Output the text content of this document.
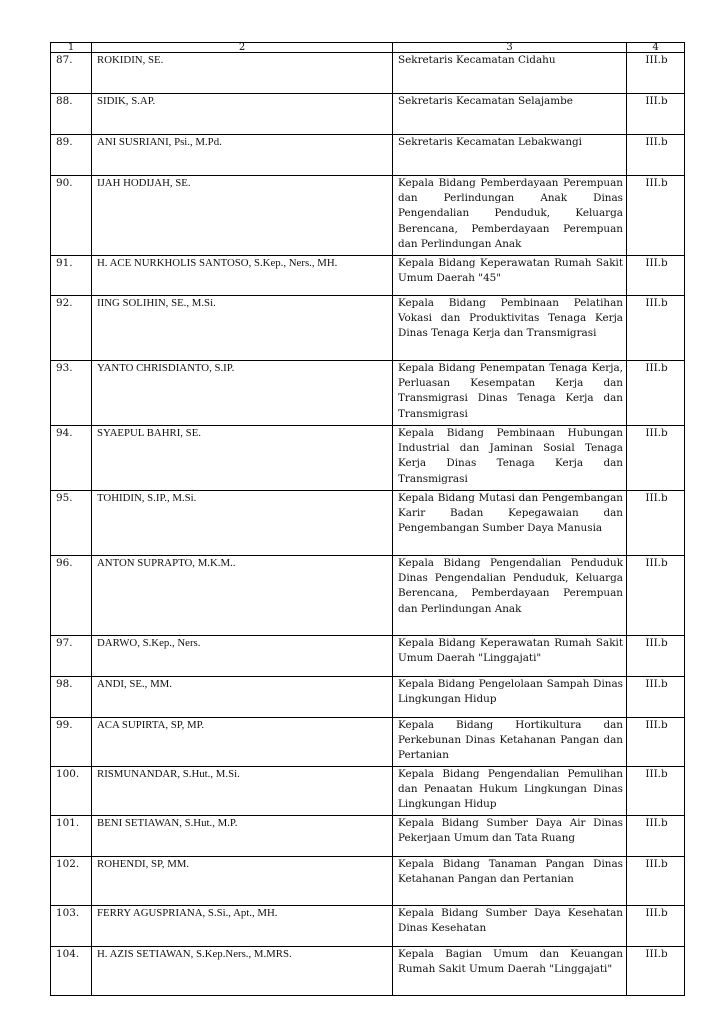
1	2	3	4
87.	ROKIDIN, SE.	Sekretaris Kecamatan Cidahu	III.b
88.	SIDIK, S.AP.	Sekretaris Kecamatan Selajambe	III.b
89.	ANI SUSRIANI, Psi., M.Pd.	Sekretaris Kecamatan Lebakwangi	III.b
90.	IJAH HODIJAH, SE.	Kepala Bidang Pemberdayaan Perempuan dan Perlindungan Anak Dinas Pengendalian Penduduk, Keluarga Berencana, Pemberdayaan Perempuan dan Perlindungan Anak	III.b
91.	H. ACE NURKHOLIS SANTOSO, S.Kep., Ners., MH.	Kepala Bidang Keperawatan Rumah Sakit Umum Daerah "45"	III.b
92.	IING SOLIHIN, SE., M.Si.	Kepala Bidang Pembinaan Pelatihan Vokasi dan Produktivitas Tenaga Kerja Dinas Tenaga Kerja dan Transmigrasi	III.b
93.	YANTO CHRISDIANTO, S.IP.	Kepala Bidang Penempatan Tenaga Kerja, Perluasan Kesempatan Kerja dan Transmigrasi Dinas Tenaga Kerja dan Transmigrasi	III.b
94.	SYAEPUL BAHRI, SE.	Kepala Bidang Pembinaan Hubungan Industrial dan Jaminan Sosial Tenaga Kerja Dinas Tenaga Kerja dan Transmigrasi	III.b
95.	TOHIDIN, S.IP., M.Si.	Kepala Bidang Mutasi dan Pengembangan Karir Badan Kepegawaian dan Pengembangan Sumber Daya Manusia	III.b
96.	ANTON SUPRAPTO, M.K.M..	Kepala Bidang Pengendalian Penduduk Dinas Pengendalian Penduduk, Keluarga Berencana, Pemberdayaan Perempuan dan Perlindungan Anak	III.b
97.	DARWO, S.Kep., Ners.	Kepala Bidang Keperawatan Rumah Sakit Umum Daerah "Linggajati"	III.b
98.	ANDI, SE., MM.	Kepala Bidang Pengelolaan Sampah Dinas Lingkungan Hidup	III.b
99.	ACA SUPIRTA, SP, MP.	Kepala Bidang Hortikultura dan Perkebunan Dinas Ketahanan Pangan dan Pertanian	III.b
100.	RISMUNANDAR, S.Hut., M.Si.	Kepala Bidang Pengendalian Pemulihan dan Penaatan Hukum Lingkungan Dinas Lingkungan Hidup	III.b
101.	BENI SETIAWAN, S.Hut., M.P.	Kepala Bidang Sumber Daya Air Dinas Pekerjaan Umum dan Tata Ruang	III.b
102.	ROHENDI, SP, MM.	Kepala Bidang Tanaman Pangan Dinas Ketahanan Pangan dan Pertanian	III.b
103.	FERRY AGUSPRIANA, S.Si., Apt., MH.	Kepala Bidang Sumber Daya Kesehatan Dinas Kesehatan	III.b
104.	H. AZIS SETIAWAN, S.Kep.Ners., M.MRS.	Kepala Bagian Umum dan Keuangan Rumah Sakit Umum Daerah "Linggajati"	III.b
